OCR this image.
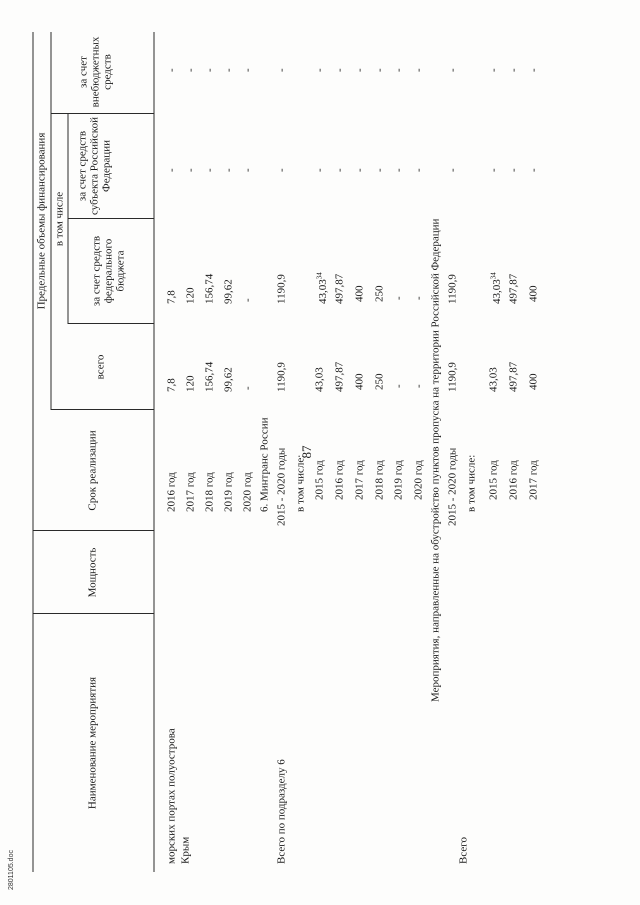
87
Наименование мероприятия
Мощность
Срок реализации
Предельные объемы финансирования
всего
в том числе
за счет средств федерального бюджета
за счет средств субъекта Российской Федерации
за счет внебюджетных средств
морских портах полуострова Крым
2016 год
7,8
7,8
-
-
2017 год
120
120
-
-
2018 год
156,74
156,74
-
-
2019 год
99,62
99,62
-
-
2020 год
-
-
-
-
6. Минтранс России
Всего по подразделу 6
2015 - 2020 годы
1190,9
1190,9
-
-
в том числе: 2015 год
43,03
43,03$^{34}$
-
-
2016 год
497,87
497,87
-
-
2017 год
400
400
-
-
2018 год
250
250
-
-
2019 год
-
-
-
-
2020 год
-
-
-
-
Мероприятия, направленные на обустройство пунктов пропуска на территории Российской Федерации
Всего
2015 - 2020 годы
1190,9
1190,9
-
-
в том числе: 2015 год
43,03
43,03$^{34}$
-
-
2016 год
497,87
497,87
-
-
2017 год
400
400
-
-
2801105.doc
